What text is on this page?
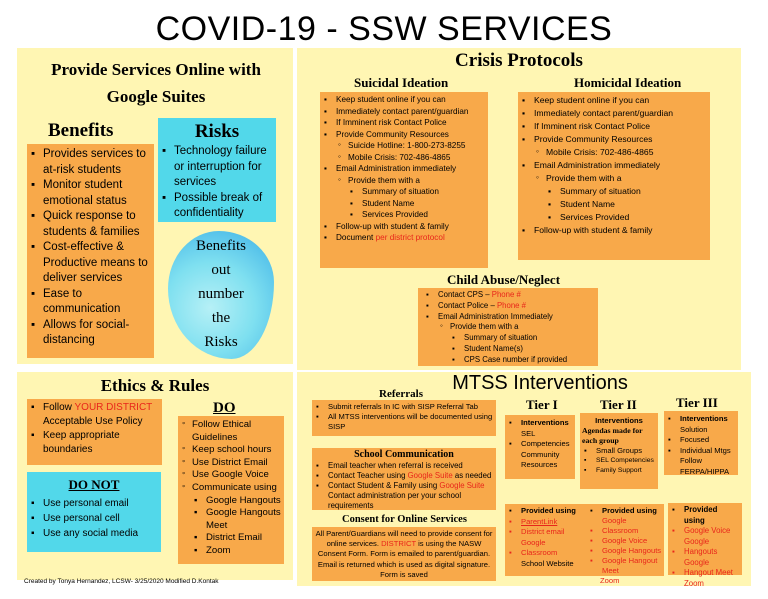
COVID-19 - SSW SERVICES
Provide Services Online with Google Suites
Benefits
▪ Provides services to at-risk students
▪ Monitor student emotional status
▪ Quick response to students & families
▪ Cost-effective & Productive means to deliver services
▪ Ease to communication
▪ Allows for social-distancing
Risks
▪ Technology failure or interruption for services
▪ Possible break of confidentiality
Benefits
out
number
the
Risks
Crisis Protocols
Suicidal Ideation	Homicidal Ideation
▪ Keep student online if you can
▪ Immediately contact parent/guardian
▪ If Imminent risk Contact Police
▪ Provide Community Resources
◦ Suicide Hotline: 1-800-273-8255
◦ Mobile Crisis: 702-486-4865
▪ Email Administration immediately
◦ Provide them with a
▪ Summary of situation
▪ Student Name
▪ Services Provided
▪ Follow-up with student & family
▪ Document per district protocol
▪ Keep student online if you can
▪ Immediately contact parent/guardian
▪ If Imminent risk Contact Police
▪ Provide Community Resources
◦ Mobile Crisis: 702-486-4865
▪ Email Administration immediately
◦ Provide them with a
▪ Summary of situation
▪ Student Name
▪ Services Provided
▪ Follow-up with student & family
Child Abuse/Neglect
▪ Contact CPS – Phone #
▪ Contact Police – Phone #
▪ Email Administration Immediately
◦ Provide them with a
▪ Summary of situation
▪ Student Name(s)
▪ CPS Case number if provided
Ethics & Rules
▪ Follow YOUR DISTRICT Acceptable Use Policy
▪ Keep appropriate boundaries
DO
◦ Follow Ethical Guidelines
◦ Keep school hours
◦ Use District Email
◦ Use Google Voice
◦ Communicate using
▪ Google Hangouts
▪ Google Hangouts Meet
▪ District Email
▪ Zoom
DO NOT
▪ Use personal email
▪ Use personal cell
▪ Use any social media
MTSS Interventions
Referrals
▪ Submit referrals In IC with SISP Referral Tab
▪ All MTSS interventions will be documented using SISP
School Communication
▪ Email teacher when referral is received
▪ Contact Teacher using Google Suite as needed
▪ Contact Student & Family using Google Suite
Contact administration per your school requirements
Consent for Online Services
All Parent/Guardians will need to provide consent for online services. DISTRICT is using the NASW Consent Form. Form is emailed to parent/guardian. Email is returned which is used as digital signature. Form is saved
Tier I	Tier II	Tier III
▪ Interventions
SEL
▪ Competencies
Community Resources
▪ Provided using
▪ ParentLink
▪ District email
Google
▪ Classroom
School Website
Interventions
Agendas made for each group
▪ Small Groups
▪ SEL Competencies
▪ Family Support
▪ Provided using
Google
▪ Classroom
▪ Google Voice
▪ Google Hangouts
▪ Google Hangout
Meet
Zoom
▪ Interventions
Solution
▪ Focused
▪ Individual Mtgs
Follow
FERPA/HIPPA
▪ Provided using
▪ Google Voice
Google
▪ Hangouts
Google
▪ Hangout Meet
Zoom
Created by Tonya Hernandez, LCSW- 3/25/2020 Modified D.Kontak
